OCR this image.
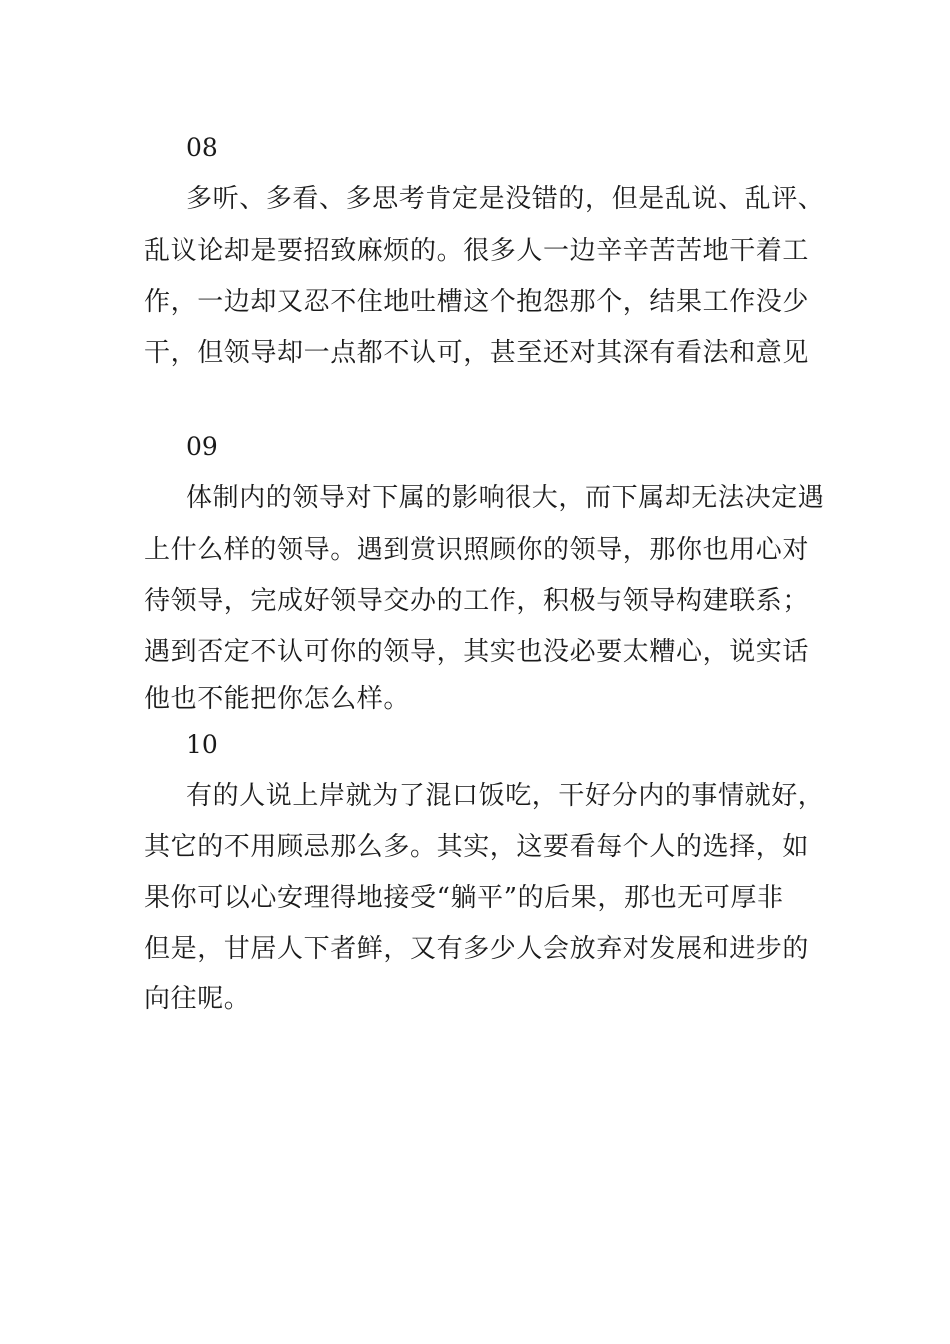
08
多听、多看、多思考肯定是没错的，但是乱说、乱评、
乱议论却是要招致麻烦的。很多人一边辛辛苦苦地干着工
作，一边却又忍不住地吐槽这个抱怨那个，结果工作没少
干，但领导却一点都不认可，甚至还对其深有看法和意见
09
体制内的领导对下属的影响很大，而下属却无法决定遇
上什么样的领导。遇到赏识照顾你的领导，那你也用心对
待领导，完成好领导交办的工作，积极与领导构建联系；
遇到否定不认可你的领导，其实也没必要太糟心，说实话
他也不能把你怎么样。
10
有的人说上岸就为了混口饭吃，干好分内的事情就好，
其它的不用顾忌那么多。其实，这要看每个人的选择，如
果你可以心安理得地接受“躺平”的后果，那也无可厚非
但是，甘居人下者鲜，又有多少人会放弃对发展和进步的
向往呢。
